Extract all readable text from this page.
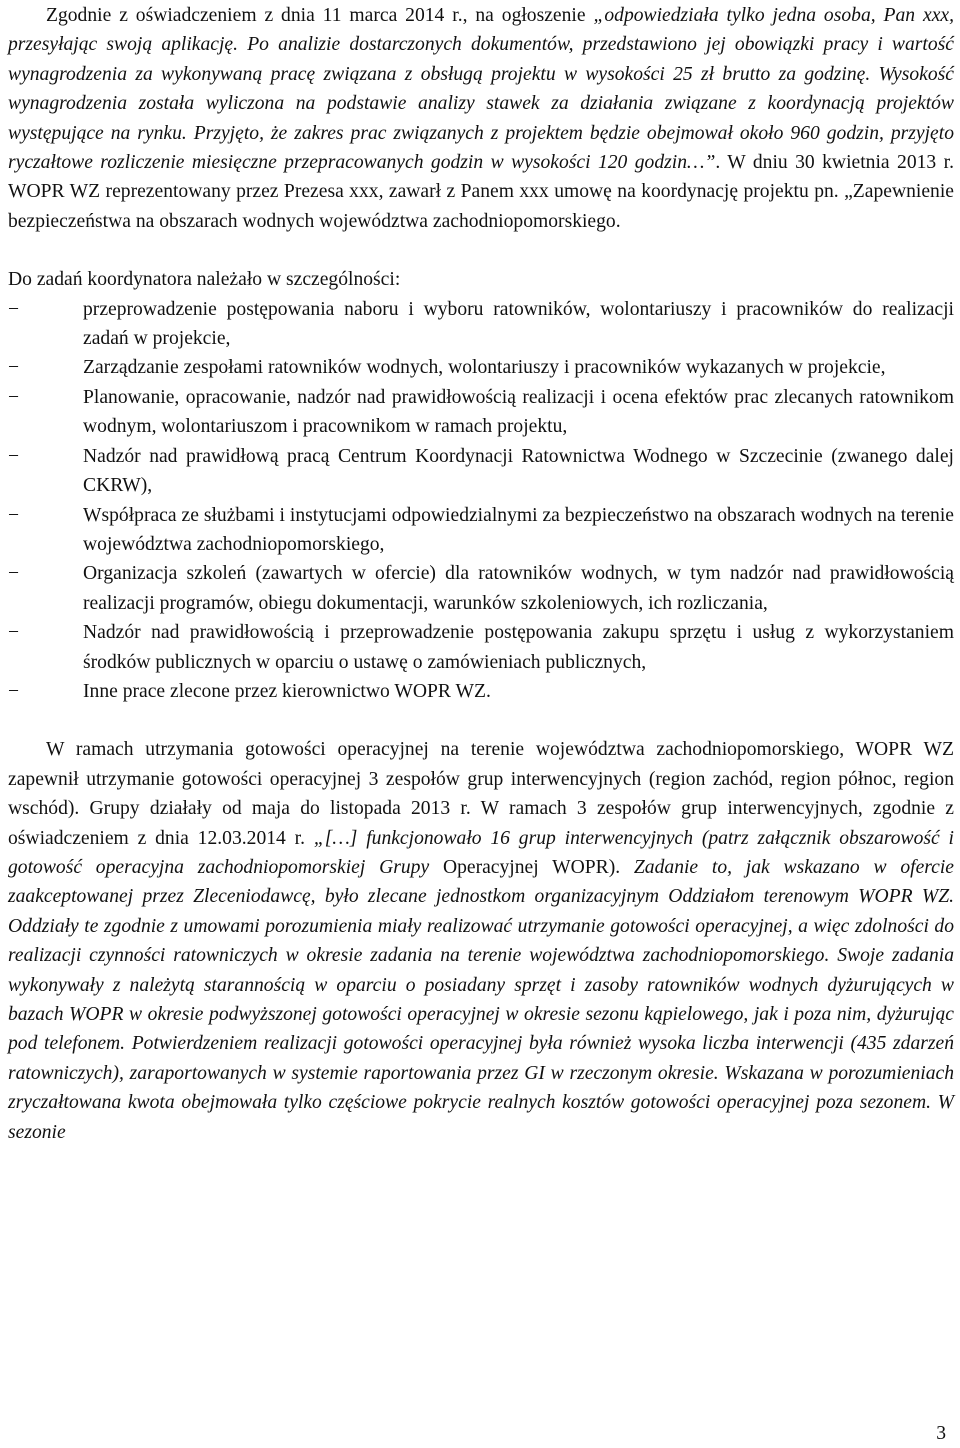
Zgodnie z oświadczeniem z dnia 11 marca 2014 r., na ogłoszenie „odpowiedziała tylko jedna osoba, Pan xxx, przesyłając swoją aplikację. Po analizie dostarczonych dokumentów, przedstawiono jej obowiązki pracy i wartość wynagrodzenia za wykonywaną pracę związana z obsługą projektu w wysokości 25 zł brutto za godzinę. Wysokość wynagrodzenia została wyliczona na podstawie analizy stawek za działania związane z koordynacją projektów występujące na rynku. Przyjęto, że zakres prac związanych z projektem będzie obejmował około 960 godzin, przyjęto ryczałtowe rozliczenie miesięczne przepracowanych godzin w wysokości 120 godzin…”. W dniu 30 kwietnia 2013 r. WOPR WZ reprezentowany przez Prezesa xxx, zawarł z Panem xxx umowę na koordynację projektu pn. „Zapewnienie bezpieczeństwa na obszarach wodnych województwa zachodniopomorskiego.

Do zadań koordynatora należało w szczególności:

−	przeprowadzenie postępowania naboru i wyboru ratowników, wolontariuszy i pracowników do realizacji zadań w projekcie,
−	Zarządzanie zespołami ratowników wodnych, wolontariuszy i pracowników wykazanych w projekcie,
−	Planowanie, opracowanie, nadzór nad prawidłowością realizacji i ocena efektów prac zlecanych ratownikom wodnym, wolontariuszom i pracownikom w ramach projektu,
−	Nadzór nad prawidłową pracą Centrum Koordynacji Ratownictwa Wodnego w Szczecinie (zwanego dalej CKRW),
−	Współpraca ze służbami i instytucjami odpowiedzialnymi za bezpieczeństwo na obszarach wodnych na terenie województwa zachodniopomorskiego,
−	Organizacja szkoleń (zawartych w ofercie) dla ratowników wodnych, w tym nadzór nad prawidłowością realizacji programów, obiegu dokumentacji, warunków szkoleniowych, ich rozliczania,
−	Nadzór nad prawidłowością i przeprowadzenie postępowania zakupu sprzętu i usług z wykorzystaniem środków publicznych w oparciu o ustawę o zamówieniach publicznych,
−	Inne prace zlecone przez kierownictwo WOPR WZ.

W ramach utrzymania gotowości operacyjnej na terenie województwa zachodniopomorskiego, WOPR WZ zapewnił utrzymanie gotowości operacyjnej 3 zespołów grup interwencyjnych (region zachód, region północ, region wschód). Grupy działały od maja do listopada 2013 r. W ramach 3 zespołów grup interwencyjnych, zgodnie z oświadczeniem z dnia 12.03.2014 r. „[…] funkcjonowało 16 grup interwencyjnych (patrz załącznik obszarowość i gotowość operacyjna zachodniopomorskiej Grupy Operacyjnej WOPR). Zadanie to, jak wskazano w ofercie zaakceptowanej przez Zleceniodawcę, było zlecane jednostkom organizacyjnym Oddziałom terenowym WOPR WZ. Oddziały te zgodnie z umowami porozumienia miały realizować utrzymanie gotowości operacyjnej, a więc zdolności do realizacji czynności ratowniczych w okresie zadania na terenie województwa zachodniopomorskiego. Swoje zadania wykonywały z należytą starannością w oparciu o posiadany sprzęt i zasoby ratowników wodnych dyżurujących w bazach WOPR w okresie podwyższonej gotowości operacyjnej w okresie sezonu kąpielowego, jak i poza nim, dyżurując pod telefonem. Potwierdzeniem realizacji gotowości operacyjnej była również wysoka liczba interwencji (435 zdarzeń ratowniczych), zaraportowanych w systemie raportowania przez GI w rzeczonym okresie. Wskazana w porozumieniach zryczałtowana kwota obejmowała tylko częściowe pokrycie realnych kosztów gotowości operacyjnej poza sezonem. W sezonie

3
